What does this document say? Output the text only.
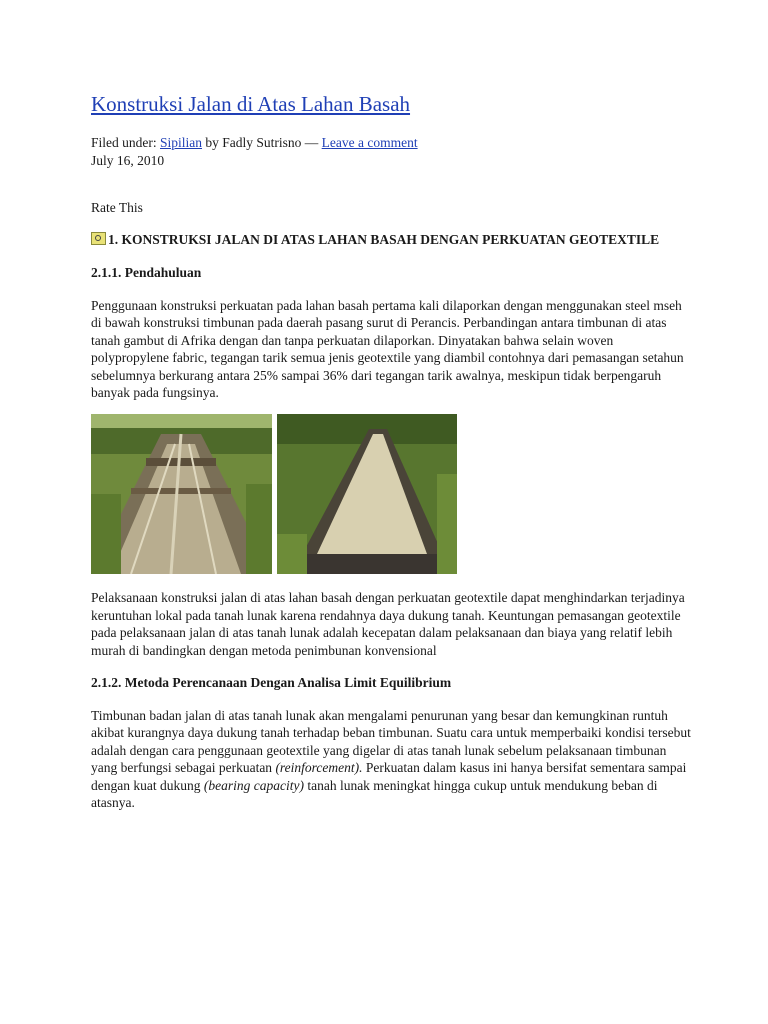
Konstruksi Jalan di Atas Lahan Basah
Filed under: Sipilian by Fadly Sutrisno — Leave a comment
July 16, 2010
Rate This
1. KONSTRUKSI JALAN DI ATAS LAHAN BASAH DENGAN PERKUATAN GEOTEXTILE
2.1.1. Pendahuluan
Penggunaan konstruksi perkuatan pada lahan basah pertama kali dilaporkan dengan menggunakan steel mseh di bawah konstruksi timbunan pada daerah pasang surut di Perancis. Perbandingan antara timbunan di atas tanah gambut di Afrika dengan dan tanpa perkuatan dilaporkan. Dinyatakan bahwa selain woven polypropylene fabric, tegangan tarik semua jenis geotextile yang diambil contohnya dari pemasangan setahun sebelumnya berkurang antara 25% sampai 36% dari tegangan tarik awalnya, meskipun tidak berpengaruh banyak pada fungsinya.
Pelaksanaan konstruksi jalan di atas lahan basah dengan perkuatan geotextile dapat menghindarkan terjadinya keruntuhan lokal pada tanah lunak karena rendahnya daya dukung tanah. Keuntungan pemasangan geotextile pada pelaksanaan jalan di atas tanah lunak adalah kecepatan dalam pelaksanaan dan biaya yang relatif lebih murah di bandingkan dengan metoda penimbunan konvensional
2.1.2. Metoda Perencanaan Dengan Analisa Limit Equilibrium
Timbunan badan jalan di atas tanah lunak akan mengalami penurunan yang besar dan kemungkinan runtuh akibat kurangnya daya dukung tanah terhadap beban timbunan. Suatu cara untuk memperbaiki kondisi tersebut adalah dengan cara penggunaan geotextile yang digelar di atas tanah lunak sebelum pelaksanaan timbunan yang berfungsi sebagai perkuatan (reinforcement). Perkuatan dalam kasus ini hanya bersifat sementara sampai dengan kuat dukung (bearing capacity) tanah lunak meningkat hingga cukup untuk mendukung beban di atasnya.
